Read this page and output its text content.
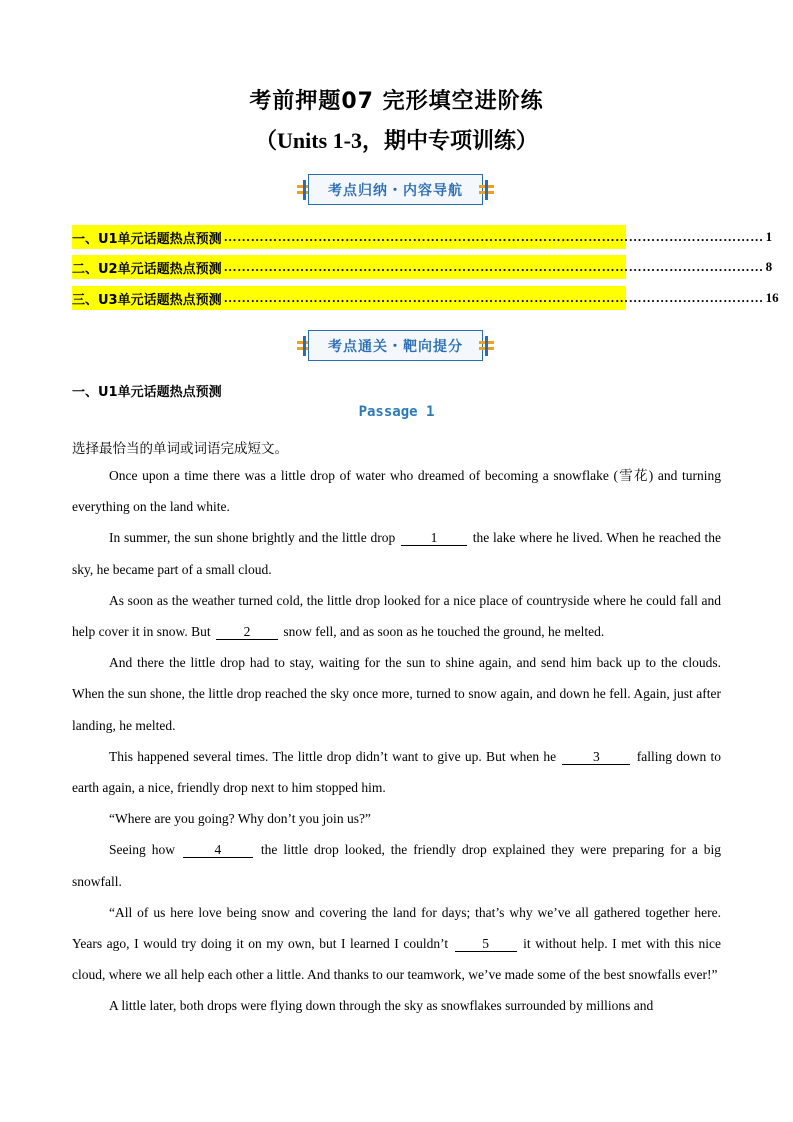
考前押题07 完形填空进阶练
（Units 1-3，期中专项训练）
考点归纳・内容导航
一、U1单元话题热点预测 ………………………………………………………………………………………………………… 1
二、U2单元话题热点预测 ………………………………………………………………………………………………………… 8
三、U3单元话题热点预测 ………………………………………………………………………………………………………… 16
考点通关・靶向提分
一、U1单元话题热点预测
Passage 1
选择最恰当的单词或词语完成短文。

Once upon a time there was a little drop of water who dreamed of becoming a snowflake (雪花) and turning everything on the land white.

In summer, the sun shone brightly and the little drop	1	the lake where he lived. When he reached the sky, he became part of a small cloud.

As soon as the weather turned cold, the little drop looked for a nice place of countryside where he could fall and help cover it in snow. But 2 snow fell, and as soon as he touched the ground, he melted.

And there the little drop had to stay, waiting for the sun to shine again, and send him back up to the clouds. When the sun shone, the little drop reached the sky once more, turned to snow again, and down he fell. Again, just after landing, he melted.

This happened several times. The little drop didn’t want to give up. But when he	3	falling down to earth again, a nice, friendly drop next to him stopped him.

“Where are you going? Why don’t you join us?”

Seeing how	4	the little drop looked, the friendly drop explained they were preparing for a big snowfall.

“All of us here love being snow and covering the land for days; that’s why we’ve all gathered together here. Years ago, I would try doing it on my own, but I learned I couldn’t	5	it without help. I met with this nice cloud, where we all help each other a little. And thanks to our teamwork, we’ve made some of the best snowfalls ever!”

A little later, both drops were flying down through the sky as snowflakes surrounded by millions and
